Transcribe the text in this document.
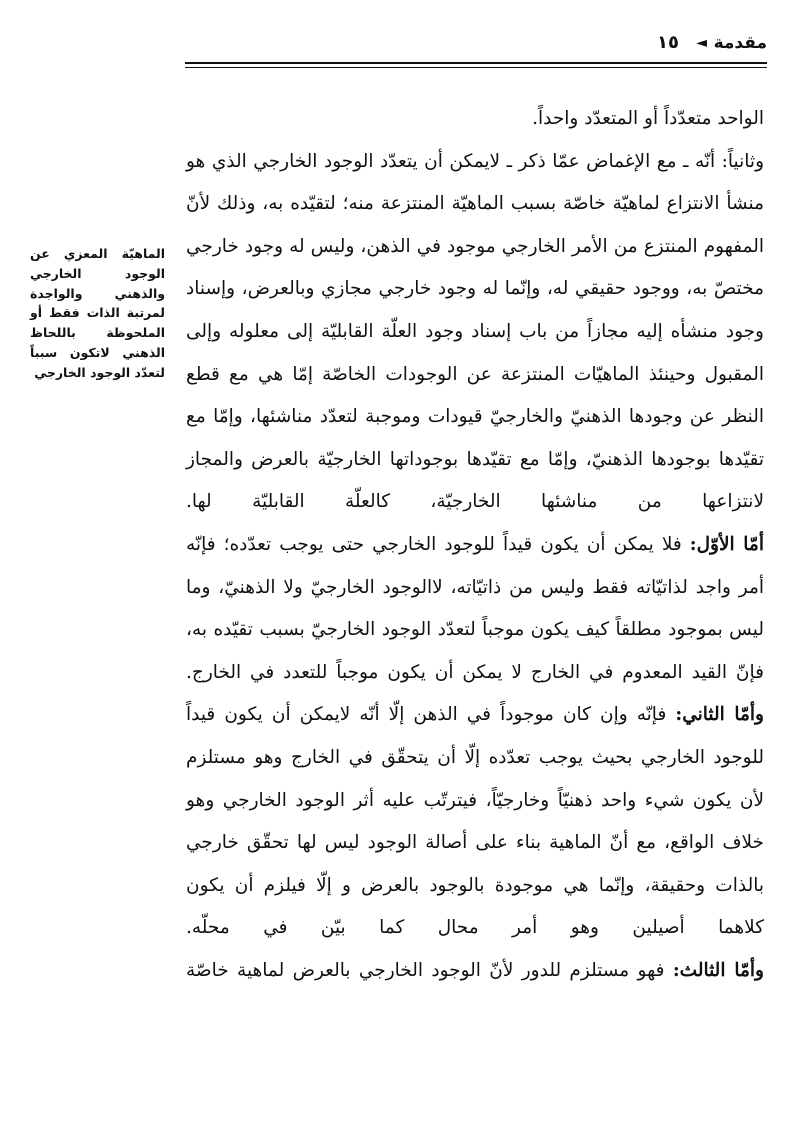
مقدمة
◄
١٥
الماهيّة المعزي عن الوجود الخارجي والذهني والواجدة لمرتبة الذات فقط أو الملحوظة باللحاظ الذهني لاتكون سبباً لتعدّد الوجود الخارجي

الواحد متعدّداً أو المتعدّد واحداً.

وثانياً: أنّه ـ مع الإغماض عمّا ذكر ـ لايمكن أن يتعدّد الوجود الخارجي الذي هو منشأ الانتزاع لماهيّة خاصّة بسبب الماهيّة المنتزعة منه؛ لتقيّده به، وذلك لأنّ المفهوم المنتزع من الأمر الخارجي موجود في الذهن، وليس له وجود خارجي مختصّ به، ووجود حقيقي له، وإنّما له وجود خارجي مجازي وبالعرض، وإسناد وجود منشأه إليه مجازاً من باب إسناد وجود العلّة القابليّة إلى معلوله وإلى المقبول وحينئذ الماهيّات المنتزعة عن الوجودات الخاصّة إمّا هي مع قطع النظر عن وجودها الذهنيّ والخارجيّ قيودات وموجبة لتعدّد مناشئها، وإمّا مع تقيّدها بوجودها الذهنيّ، وإمّا مع تقيّدها بوجوداتها الخارجيّة بالعرض والمجاز لانتزاعها من مناشئها الخارجيّة، كالعلّة القابليّة لها.

أمّا الأوّل: فلا يمكن أن يكون قيداً للوجود الخارجي حتى يوجب تعدّده؛ فإنّه أمر واجد لذاتيّاته فقط وليس من ذاتيّاته، لاالوجود الخارجيّ ولا الذهنيّ، وما ليس بموجود مطلقاً كيف يكون موجباً لتعدّد الوجود الخارجيّ بسبب تقيّده به، فإنّ القيد المعدوم في الخارج لا يمكن أن يكون موجباً للتعدد في الخارج.

وأمّا الثاني: فإنّه وإن كان موجوداً في الذهن إلّا أنّه لايمكن أن يكون قيداً للوجود الخارجي بحيث يوجب تعدّده إلّا أن يتحقّق في الخارج وهو مستلزم لأن يكون شيء واحد ذهنيّاً وخارجيّاً، فيترتّب عليه أثر الوجود الخارجي وهو خلاف الواقع، مع أنّ الماهية بناء على أصالة الوجود ليس لها تحقّق خارجي بالذات وحقيقة، وإنّما هي موجودة بالوجود بالعرض و إلّا فيلزم أن يكون كلاهما أصيلين وهو أمر محال كما بيّن في محلّه.

وأمّا الثالث: فهو مستلزم للدور لأنّ الوجود الخارجي بالعرض لماهية خاصّة
